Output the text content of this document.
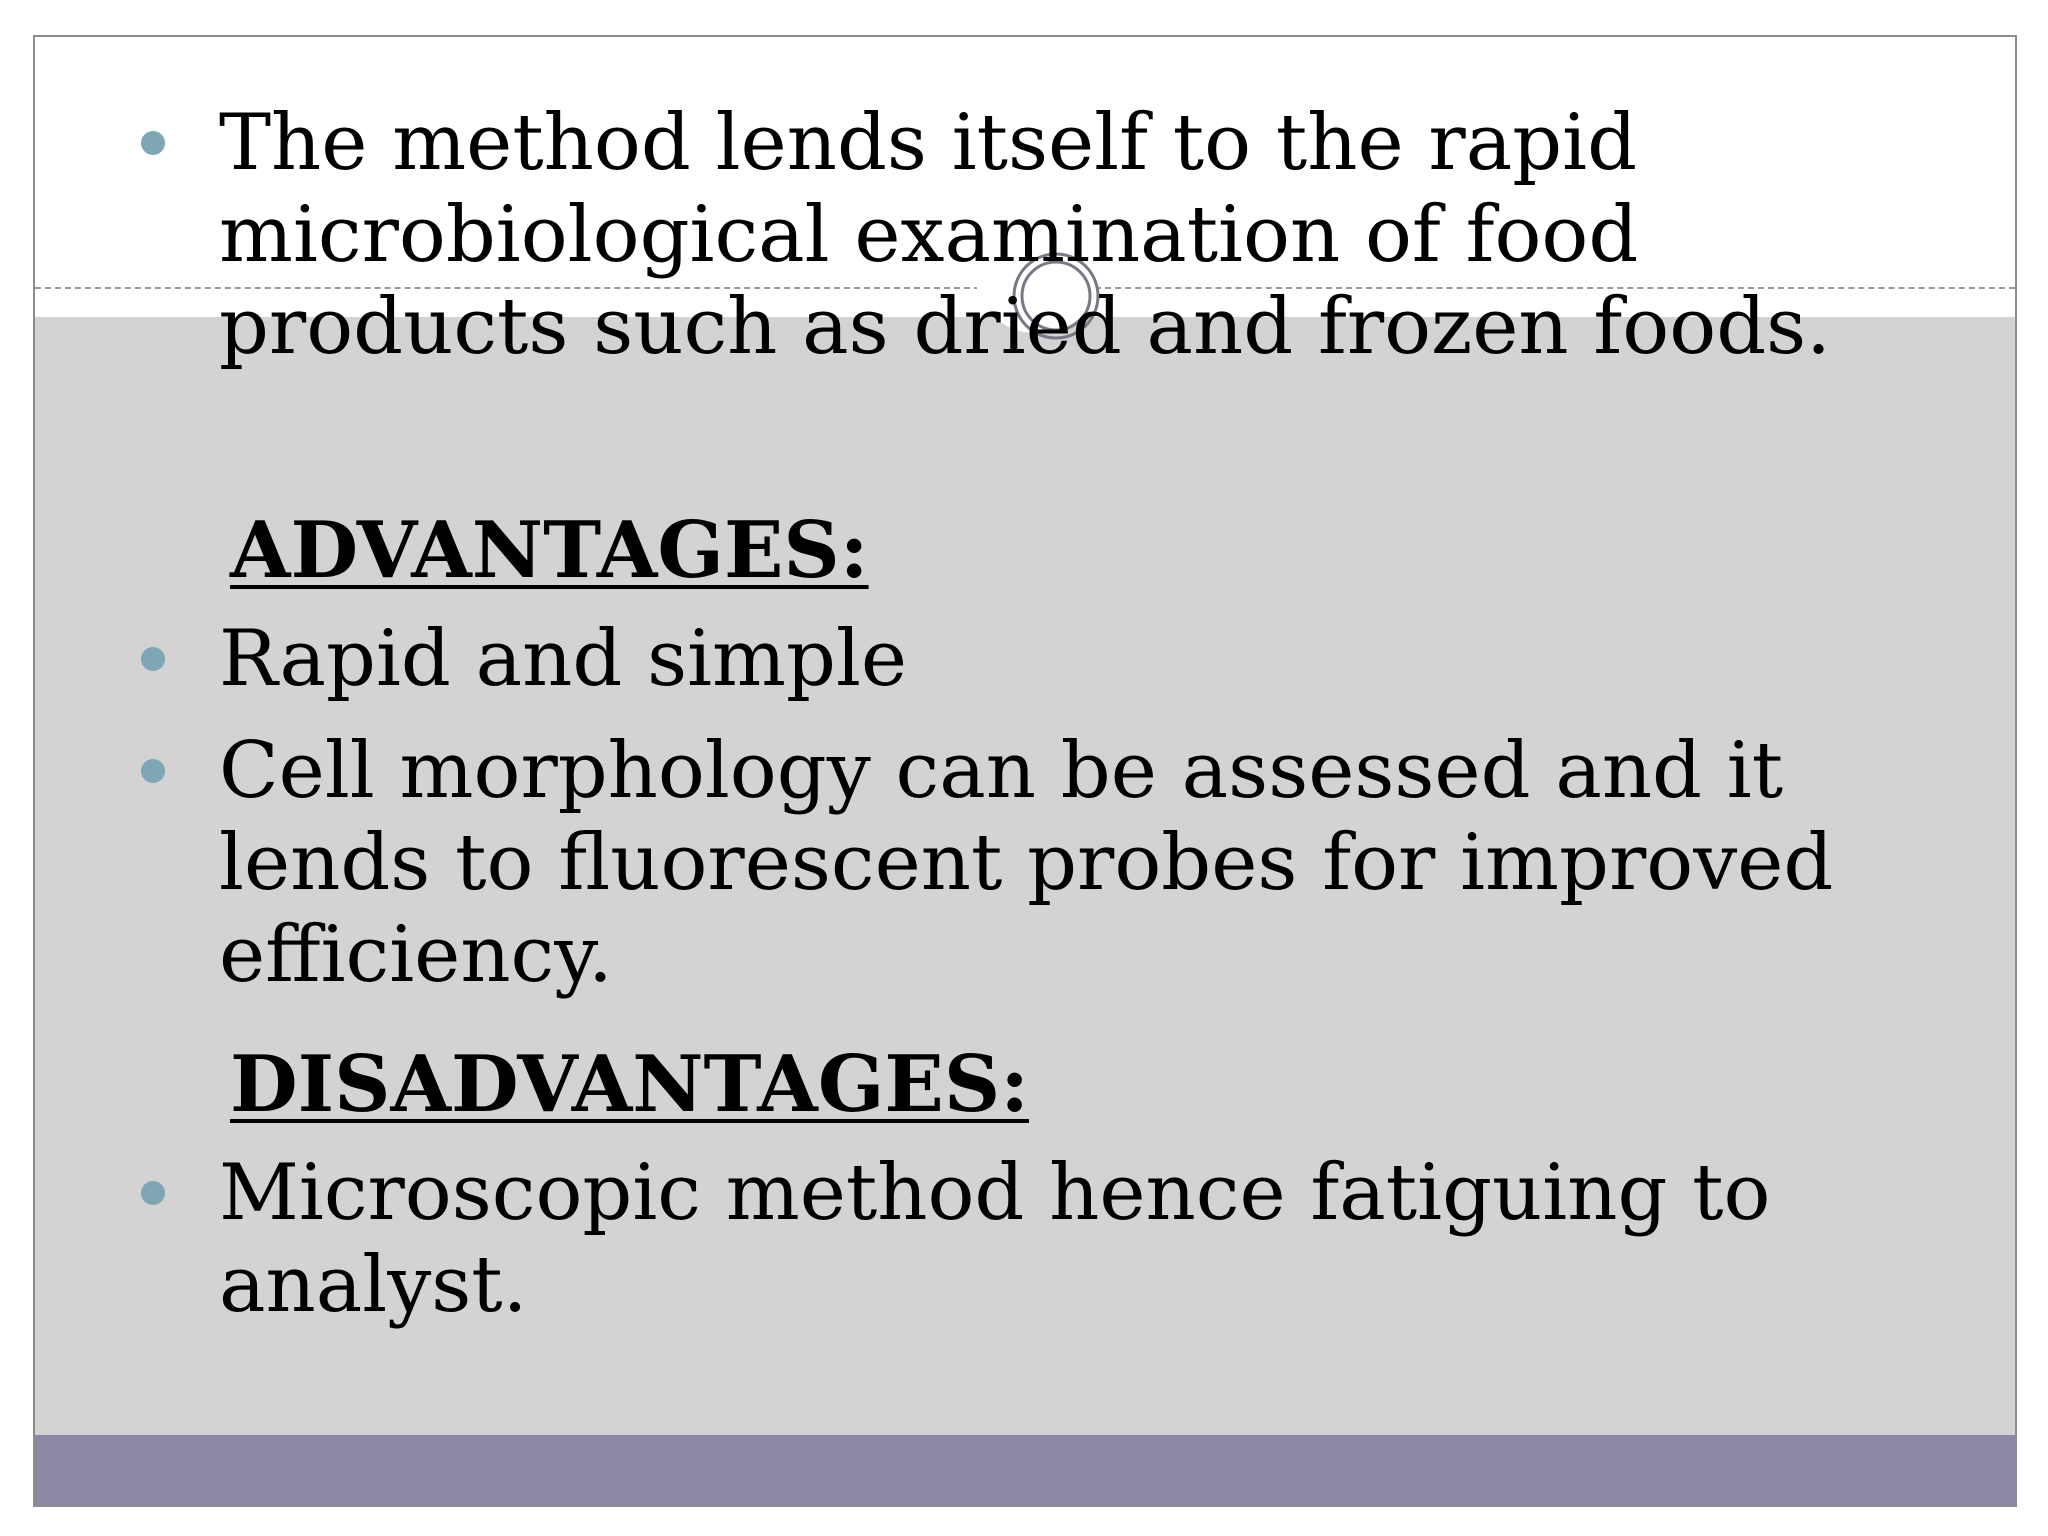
The method lends itself to the rapid microbiological examination of food products such as dried and frozen foods.
ADVANTAGES:
Rapid and simple
Cell morphology can be assessed and it lends to fluorescent probes for improved efficiency.
DISADVANTAGES:
Microscopic method hence fatiguing to analyst.
